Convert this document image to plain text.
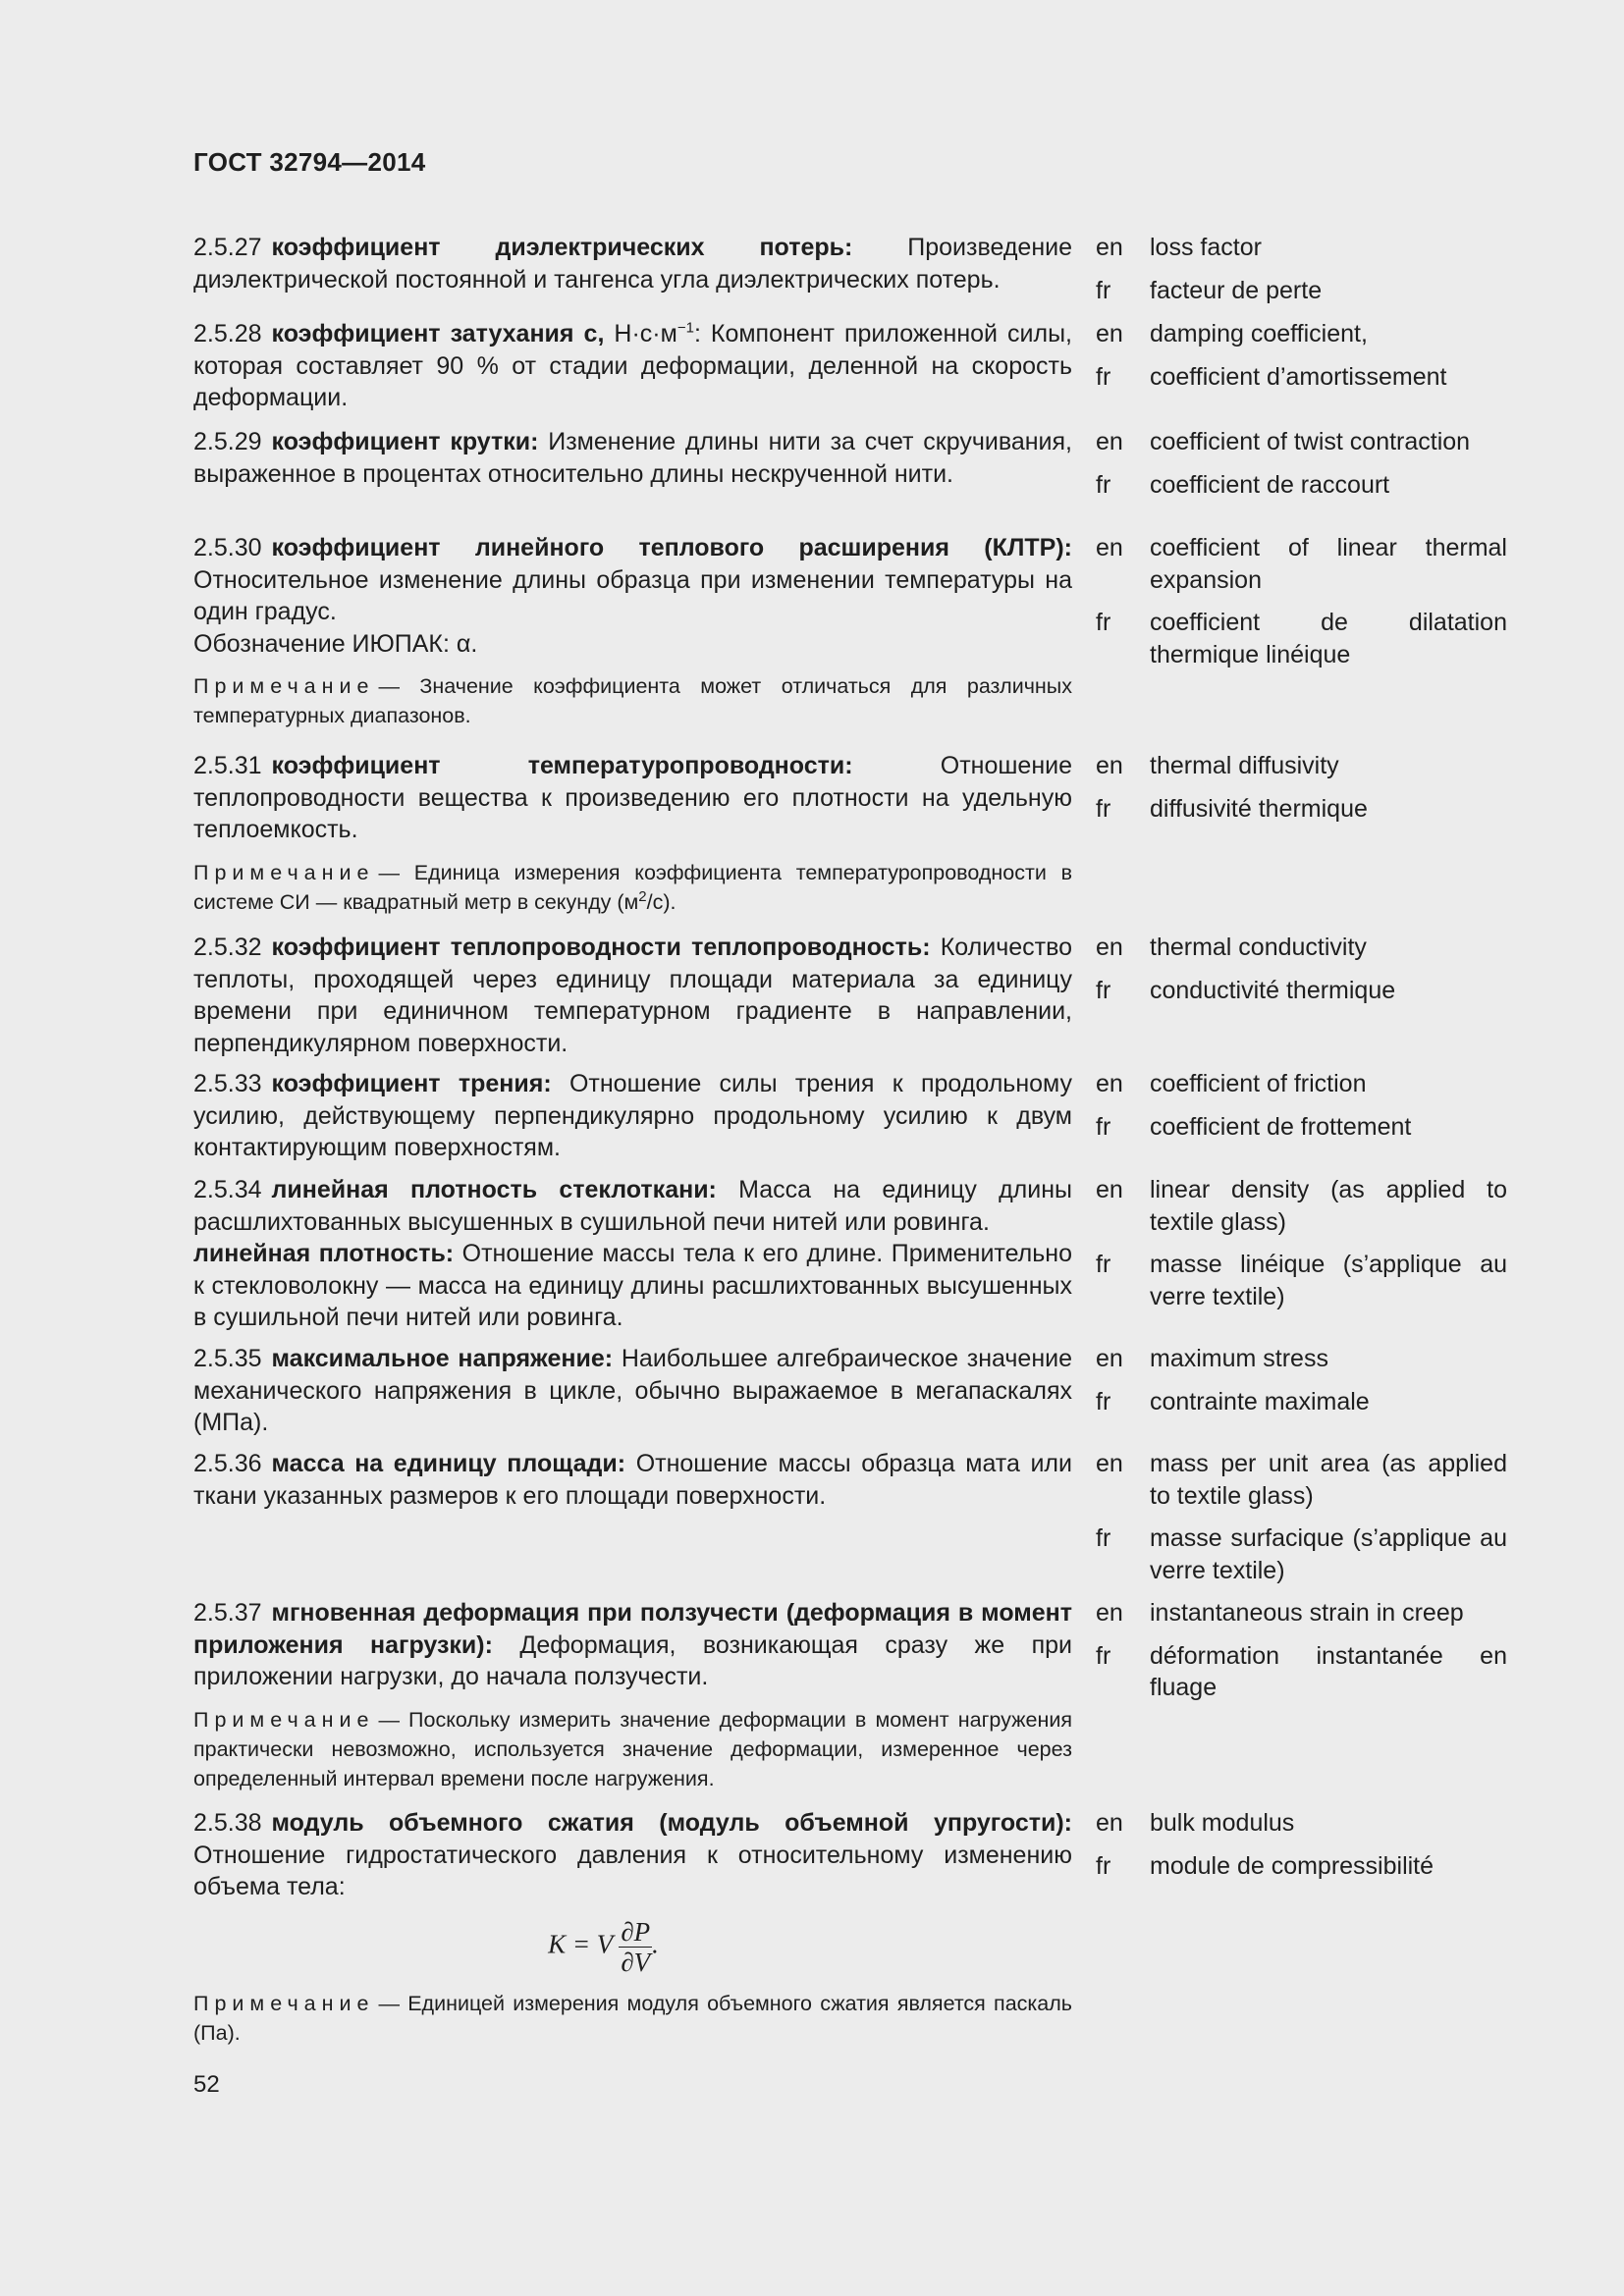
ГОСТ 32794—2014

2.5.27 коэффициент диэлектрических потерь: Произведение диэлектрической постоянной и тангенса угла диэлектрических потерь.

en	loss factor
fr	facteur de perte

2.5.28 коэффициент затухания c, $Н\cdot с\cdot м^{-1}$: Компонент приложенной силы, которая составляет 90 % от стадии деформации, деленной на скорость деформации.

en	damping coefficient,
fr	coefficient d’amortissement

2.5.29 коэффициент крутки: Изменение длины нити за счет скручивания, выраженное в процентах относительно длины нескрученной нити.

en	coefficient of twist contraction
fr	coefficient de raccourt

2.5.30 коэффициент линейного теплового расширения (КЛТР): Относительное изменение длины образца при изменении температуры на один градус.

Обозначение ИЮПАК: α.

Примечание — Значение коэффициента может отличаться для различных температурных диапазонов.
en	coefficient of linear thermal expansion
fr	coefficient de dilatation thermique linéique

2.5.31 коэффициент температуропроводности:	Отношение теплопроводности вещества к произведению его плотности на удельную теплоемкость.

Примечание — Единица измерения коэффициента температуропроводности в системе СИ — квадратный метр в секунду $(м^2/с)$.
en	thermal diffusivity
fr	diffusivité thermique

2.5.32 коэффициент теплопроводности теплопроводность: Количество теплоты, проходящей через единицу площади материала за единицу времени при единичном температурном градиенте в направлении, перпендикулярном поверхности.

en	thermal conductivity
fr	conductivité thermique

2.5.33 коэффициент трения: Отношение силы трения к продольному усилию, действующему перпендикулярно продольному усилию к двум контактирующим поверхностям.

en	coefficient of friction
fr	coefficient de frottement

2.5.34 линейная плотность стеклоткани: Масса на единицу длины расшлихтованных высушенных в сушильной печи нитей или ровинга.

линейная плотность: Отношение массы тела к его длине. Применительно к стекловолокну — масса на единицу длины расшлихтованных высушенных в сушильной печи нитей или ровинга.

en	linear density (as applied to textile glass)
fr	masse linéique (s’applique au verre textile)

2.5.35 максимальное напряжение: Наибольшее алгебраическое значение механического напряжения в цикле, обычно выражаемое в мегапаскалях (МПа).

en	maximum stress
fr	contrainte maximale

2.5.36 масса на единицу площади: Отношение массы образца мата или ткани указанных размеров к его площади поверхности.

en	mass per unit area (as applied to textile glass)
fr	masse surfacique (s’applique au verre textile)

2.5.37 мгновенная деформация при ползучести (деформация в момент приложения нагрузки): Деформация, возникающая сразу же при приложении нагрузки, до начала ползучести.

Примечание — Поскольку измерить значение деформации в момент нагружения практически невозможно, используется значение деформации, измеренное через определенный интервал времени после нагружения.
en	instantaneous strain in creep
fr	déformation instantanée en fluage

2.5.38 модуль объемного сжатия (модуль объемной упругости): Отношение гидростатического давления к относительному изменению объема тела:

K = V $\frac{\partial P}{\partial V}$ .
Примечание — Единицей измерения модуля объемного сжатия является паскаль (Па).
en	bulk modulus
fr	module de compressibilité
52
